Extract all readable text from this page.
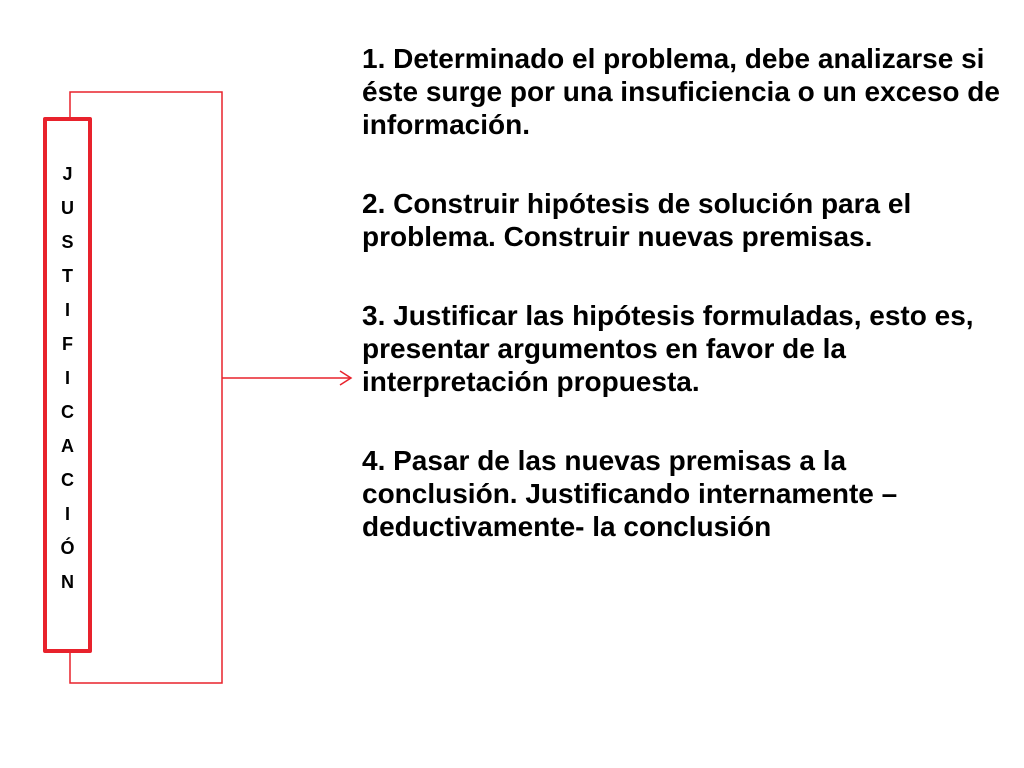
J
U
S
T
I
F
I
C
A
C
I
Ó
N

1. Determinado el problema, debe analizarse si éste surge por una insuficiencia o un exceso de información.

2. Construir hipótesis de solución para el problema. Construir nuevas premisas.

3. Justificar las hipótesis formuladas, esto es, presentar argumentos en favor de la interpretación propuesta.

4. Pasar de las nuevas premisas a la conclusión. Justificando internamente –deductivamente- la conclusión
